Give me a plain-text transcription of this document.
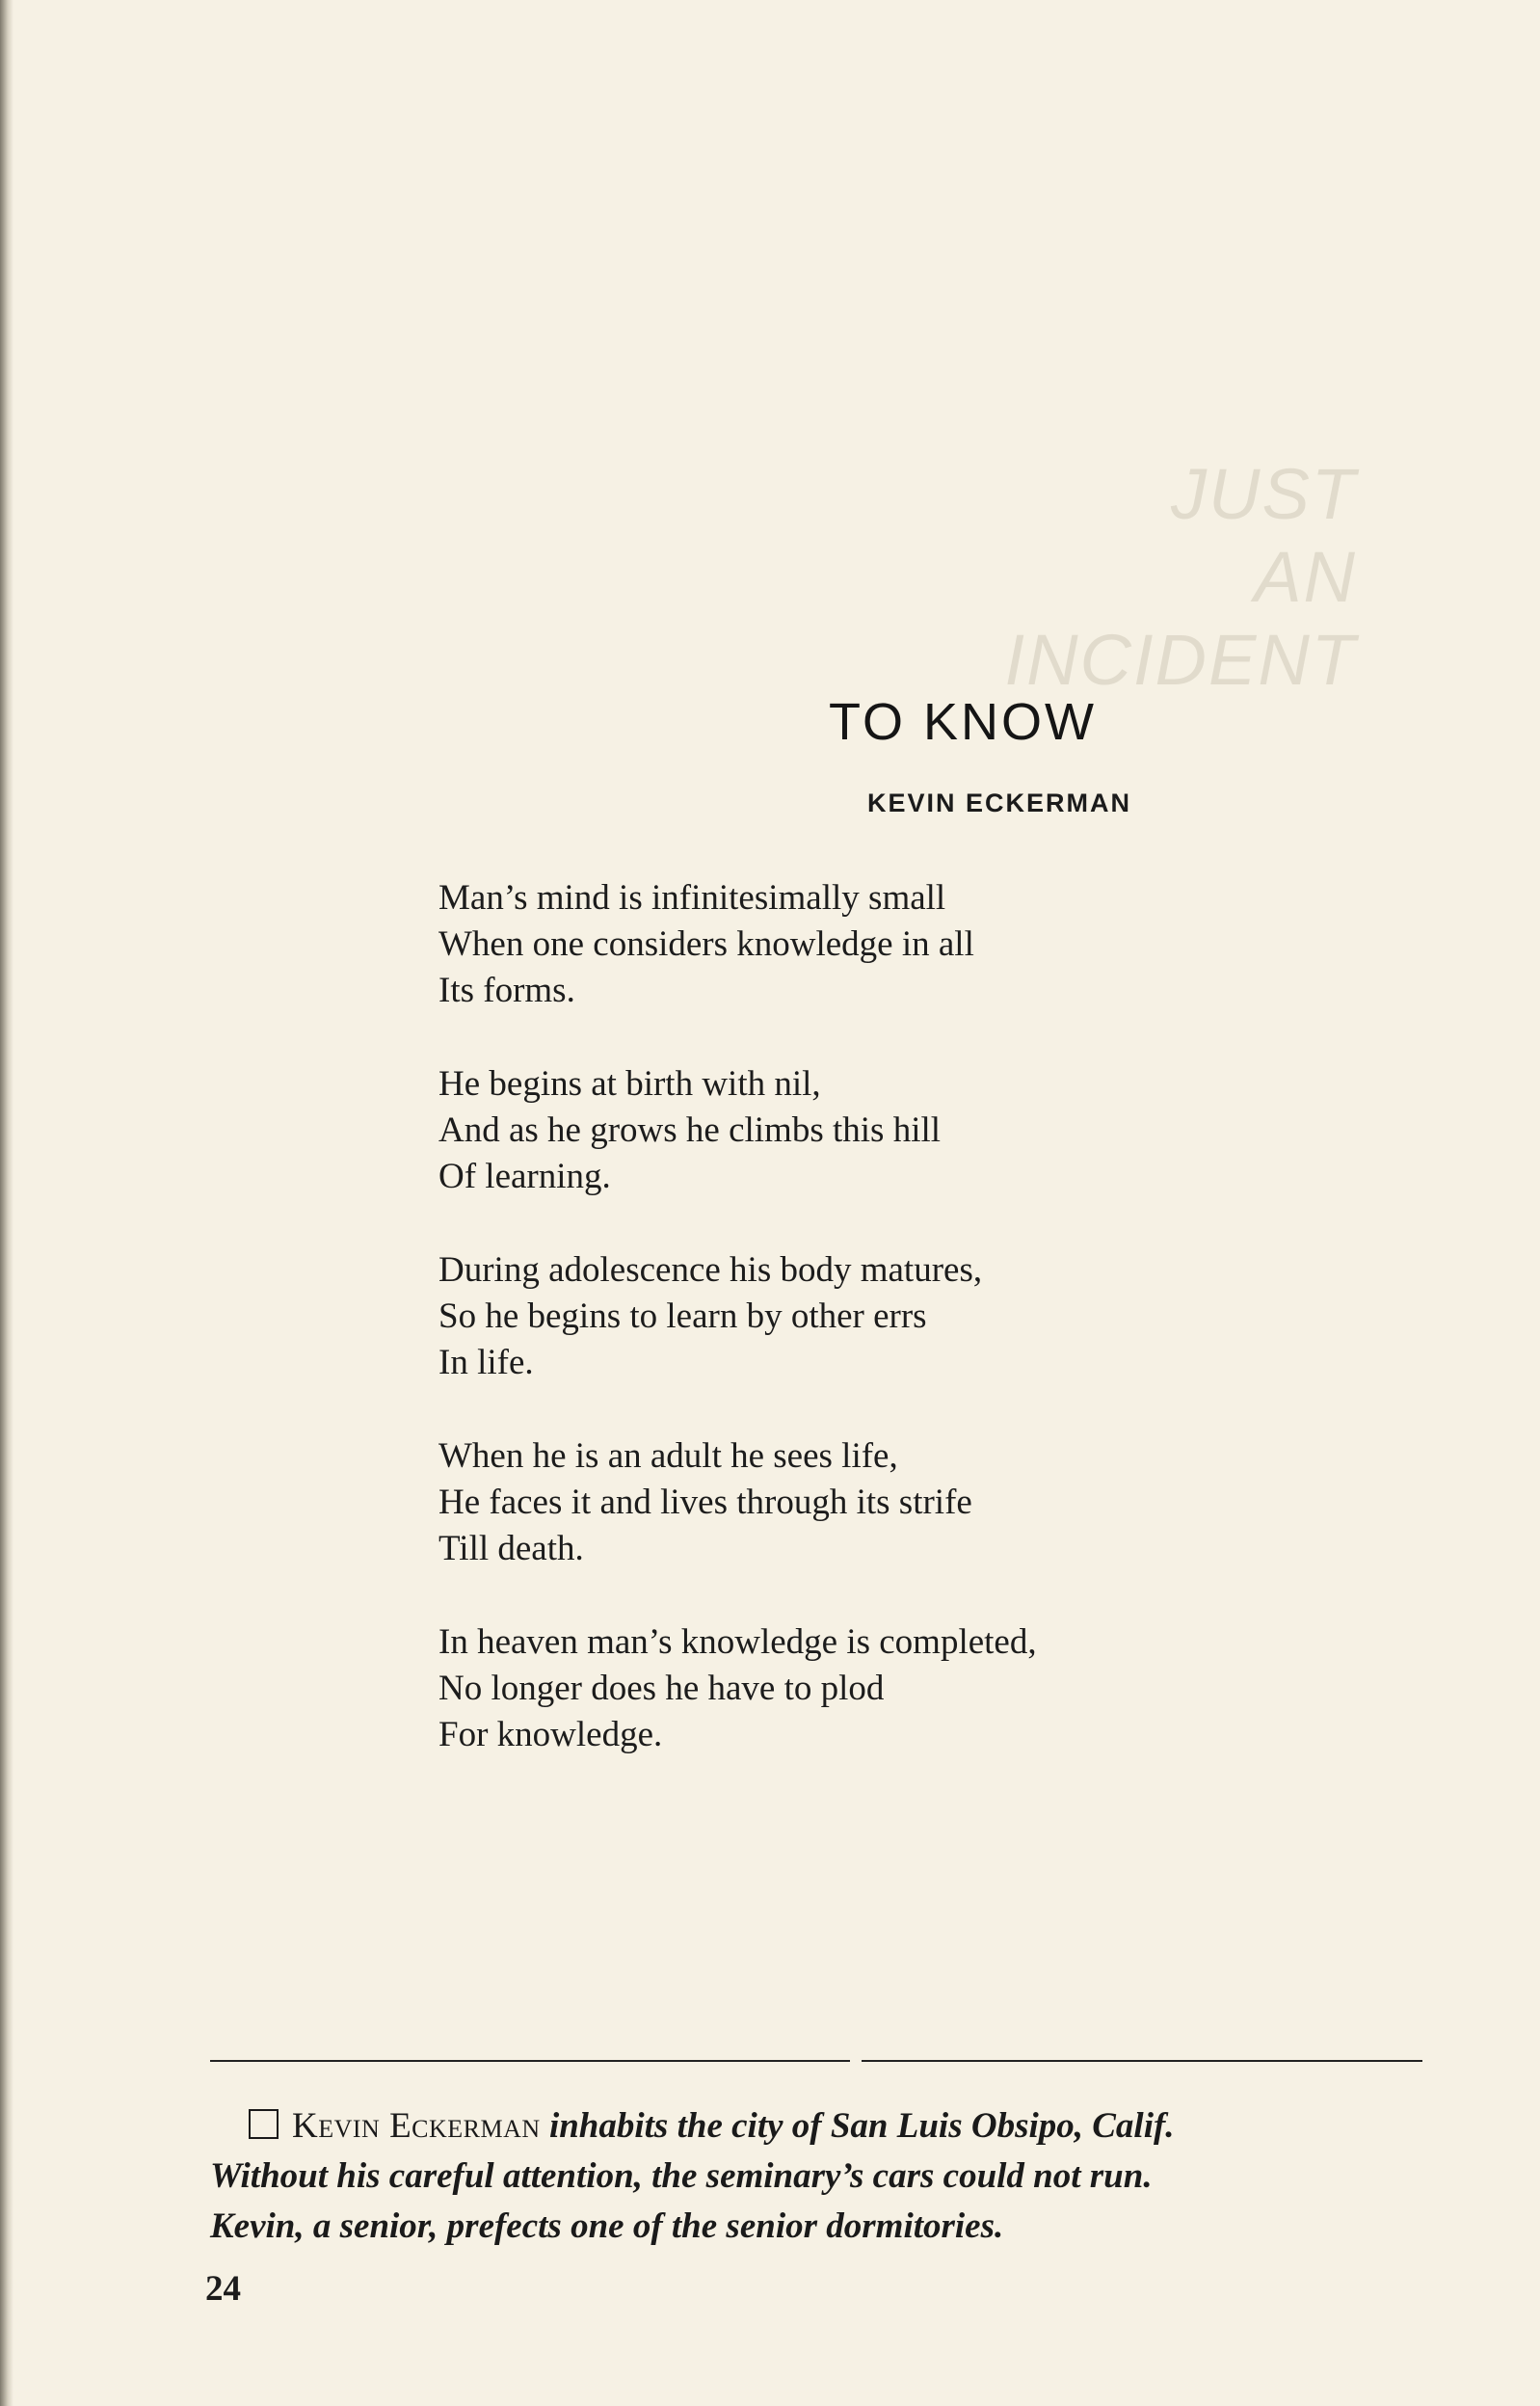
JUST
AN
INCIDENT
TO KNOW
KEVIN ECKERMAN
Man’s mind is infinitesimally small
When one considers knowledge in all
Its forms.
He begins at birth with nil,
And as he grows he climbs this hill
Of learning.
During adolescence his body matures,
So he begins to learn by other errs
In life.
When he is an adult he sees life,
He faces it and lives through its strife
Till death.
In heaven man’s knowledge is completed,
No longer does he have to plod
For knowledge.
Kevin Eckerman inhabits the city of San Luis Obsipo, Calif.
Without his careful attention, the seminary’s cars could not run.
Kevin, a senior, prefects one of the senior dormitories.
24
